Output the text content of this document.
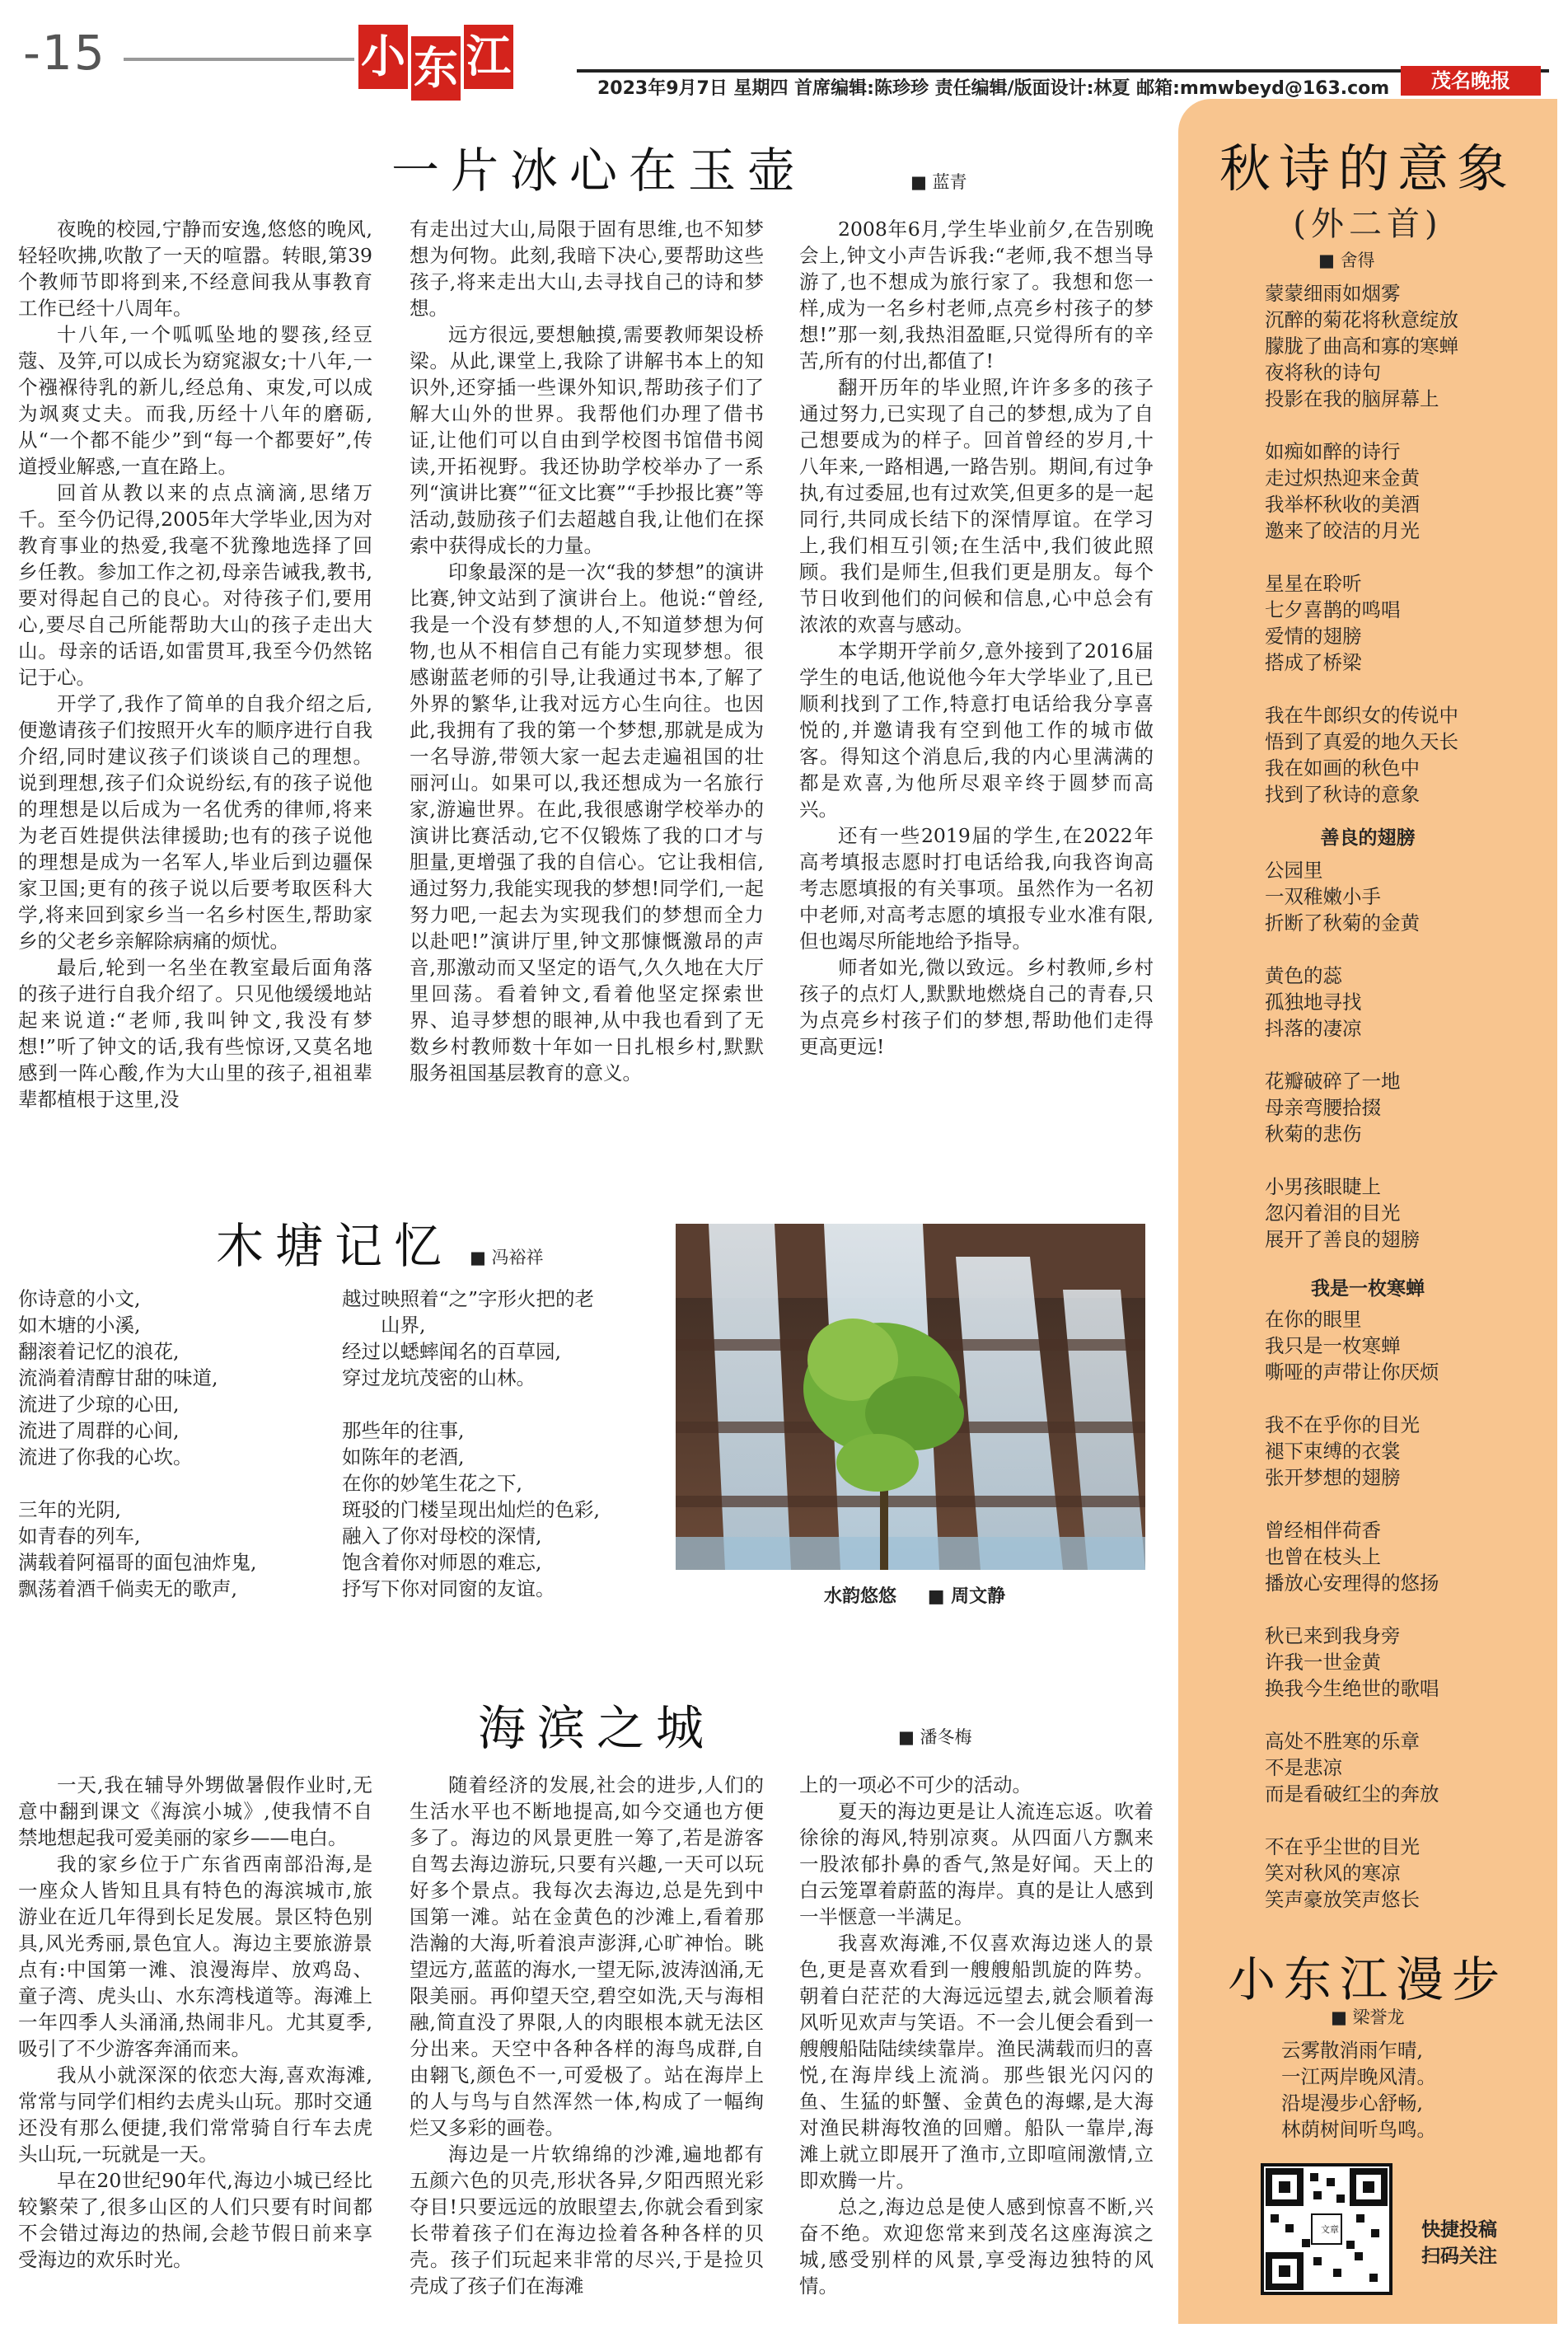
-15	小 东 江
2023年9月7日 星期四 首席编辑:陈珍珍 责任编辑/版面设计:林夏 邮箱:mmwbeyd@163.com	茂名晚报
一片冰心在玉壶	■ 蓝青

夜晚的校园,宁静而安逸,悠悠的晚风,轻轻吹拂,吹散了一天的喧嚣。转眼,第39个教师节即将到来,不经意间我从事教育工作已经十八周年。

十八年,一个呱呱坠地的婴孩,经豆蔻、及笄,可以成长为窈窕淑女;十八年,一个襁褓待乳的新儿,经总角、束发,可以成为飒爽丈夫。而我,历经十八年的磨砺,从“一个都不能少”到“每一个都要好”,传道授业解惑,一直在路上。

回首从教以来的点点滴滴,思绪万千。至今仍记得,2005年大学毕业,因为对教育事业的热爱,我毫不犹豫地选择了回乡任教。参加工作之初,母亲告诫我,教书,要对得起自己的良心。对待孩子们,要用心,要尽自己所能帮助大山的孩子走出大山。母亲的话语,如雷贯耳,我至今仍然铭记于心。

开学了,我作了简单的自我介绍之后,便邀请孩子们按照开火车的顺序进行自我介绍,同时建议孩子们谈谈自己的理想。说到理想,孩子们众说纷纭,有的孩子说他的理想是以后成为一名优秀的律师,将来为老百姓提供法律援助;也有的孩子说他的理想是成为一名军人,毕业后到边疆保家卫国;更有的孩子说以后要考取医科大学,将来回到家乡当一名乡村医生,帮助家乡的父老乡亲解除病痛的烦忧。

最后,轮到一名坐在教室最后面角落的孩子进行自我介绍了。只见他缓缓地站起来说道:“老师,我叫钟文,我没有梦想!”听了钟文的话,我有些惊讶,又莫名地感到一阵心酸,作为大山里的孩子,祖祖辈辈都植根于这里,没

有走出过大山,局限于固有思维,也不知梦想为何物。此刻,我暗下决心,要帮助这些孩子,将来走出大山,去寻找自己的诗和梦想。

远方很远,要想触摸,需要教师架设桥梁。从此,课堂上,我除了讲解书本上的知识外,还穿插一些课外知识,帮助孩子们了解大山外的世界。我帮他们办理了借书证,让他们可以自由到学校图书馆借书阅读,开拓视野。我还协助学校举办了一系列“演讲比赛”“征文比赛”“手抄报比赛”等活动,鼓励孩子们去超越自我,让他们在探索中获得成长的力量。

印象最深的是一次“我的梦想”的演讲比赛,钟文站到了演讲台上。他说:“曾经,我是一个没有梦想的人,不知道梦想为何物,也从不相信自己有能力实现梦想。很感谢蓝老师的引导,让我通过书本,了解了外界的繁华,让我对远方心生向往。也因此,我拥有了我的第一个梦想,那就是成为一名导游,带领大家一起去走遍祖国的壮丽河山。如果可以,我还想成为一名旅行家,游遍世界。在此,我很感谢学校举办的演讲比赛活动,它不仅锻炼了我的口才与胆量,更增强了我的自信心。它让我相信,通过努力,我能实现我的梦想!同学们,一起努力吧,一起去为实现我们的梦想而全力以赴吧!”演讲厅里,钟文那慷慨激昂的声音,那激动而又坚定的语气,久久地在大厅里回荡。看着钟文,看着他坚定探索世界、追寻梦想的眼神,从中我也看到了无数乡村教师数十年如一日扎根乡村,默默服务祖国基层教育的意义。

2008年6月,学生毕业前夕,在告别晚会上,钟文小声告诉我:“老师,我不想当导游了,也不想成为旅行家了。我想和您一样,成为一名乡村老师,点亮乡村孩子的梦想!”那一刻,我热泪盈眶,只觉得所有的辛苦,所有的付出,都值了!

翻开历年的毕业照,许许多多的孩子通过努力,已实现了自己的梦想,成为了自己想要成为的样子。回首曾经的岁月,十八年来,一路相遇,一路告别。期间,有过争执,有过委屈,也有过欢笑,但更多的是一起同行,共同成长结下的深情厚谊。在学习上,我们相互引领;在生活中,我们彼此照顾。我们是师生,但我们更是朋友。每个节日收到他们的问候和信息,心中总会有浓浓的欢喜与感动。

本学期开学前夕,意外接到了2016届学生的电话,他说他今年大学毕业了,且已顺利找到了工作,特意打电话给我分享喜悦的,并邀请我有空到他工作的城市做客。得知这个消息后,我的内心里满满的都是欢喜,为他所尽艰辛终于圆梦而高兴。

还有一些2019届的学生,在2022年高考填报志愿时打电话给我,向我咨询高考志愿填报的有关事项。虽然作为一名初中老师,对高考志愿的填报专业水准有限,但也竭尽所能地给予指导。

师者如光,微以致远。乡村教师,乡村孩子的点灯人,默默地燃烧自己的青春,只为点亮乡村孩子们的梦想,帮助他们走得更高更远!

木塘记忆	■ 冯裕祥
你诗意的小文,
如木塘的小溪,
翻滚着记忆的浪花,
流淌着清醇甘甜的味道,
流进了少琼的心田,
流进了周群的心间,
流进了你我的心坎。
三年的光阴,
如青春的列车,
满载着阿福哥的面包油炸鬼,
飘荡着酒千倘卖无的歌声,
越过映照着“之”字形火把的老
　　山界,
经过以蟋蟀闻名的百草园,
穿过龙坑茂密的山林。
那些年的往事,
如陈年的老酒,
在你的妙笔生花之下,
斑驳的门楼呈现出灿烂的色彩,
融入了你对母校的深情,
饱含着你对师恩的难忘,
抒写下你对同窗的友谊。	水韵悠悠 ■ 周文静
海滨之城	■ 潘冬梅

一天,我在辅导外甥做暑假作业时,无意中翻到课文《海滨小城》,使我情不自禁地想起我可爱美丽的家乡——电白。

我的家乡位于广东省西南部沿海,是一座众人皆知且具有特色的海滨城市,旅游业在近几年得到长足发展。景区特色别具,风光秀丽,景色宜人。海边主要旅游景点有:中国第一滩、浪漫海岸、放鸡岛、童子湾、虎头山、水东湾栈道等。海滩上一年四季人头涌涌,热闹非凡。尤其夏季,吸引了不少游客奔涌而来。

我从小就深深的依恋大海,喜欢海滩,常常与同学们相约去虎头山玩。那时交通还没有那么便捷,我们常常骑自行车去虎头山玩,一玩就是一天。

早在20世纪90年代,海边小城已经比较繁荣了,很多山区的人们只要有时间都不会错过海边的热闹,会趁节假日前来享受海边的欢乐时光。

随着经济的发展,社会的进步,人们的生活水平也不断地提高,如今交通也方便多了。海边的风景更胜一筹了,若是游客自驾去海边游玩,只要有兴趣,一天可以玩好多个景点。我每次去海边,总是先到中国第一滩。站在金黄色的沙滩上,看着那浩瀚的大海,听着浪声澎湃,心旷神怡。眺望远方,蓝蓝的海水,一望无际,波涛汹涌,无限美丽。再仰望天空,碧空如洗,天与海相融,简直没了界限,人的肉眼根本就无法区分出来。天空中各种各样的海鸟成群,自由翱飞,颜色不一,可爱极了。站在海岸上的人与鸟与自然浑然一体,构成了一幅绚烂又多彩的画卷。

海边是一片软绵绵的沙滩,遍地都有五颜六色的贝壳,形状各异,夕阳西照光彩夺目!只要远远的放眼望去,你就会看到家长带着孩子们在海边捡着各种各样的贝壳。孩子们玩起来非常的尽兴,于是捡贝壳成了孩子们在海滩

上的一项必不可少的活动。

夏天的海边更是让人流连忘返。吹着徐徐的海风,特别凉爽。从四面八方飘来一股浓郁扑鼻的香气,煞是好闻。天上的白云笼罩着蔚蓝的海岸。真的是让人感到一半惬意一半满足。

我喜欢海滩,不仅喜欢海边迷人的景色,更是喜欢看到一艘艘船凯旋的阵势。朝着白茫茫的大海远远望去,就会顺着海风听见欢声与笑语。不一会儿便会看到一艘艘船陆陆续续靠岸。渔民满载而归的喜悦,在海岸线上流淌。那些银光闪闪的鱼、生猛的虾蟹、金黄色的海螺,是大海对渔民耕海牧渔的回赠。船队一靠岸,海滩上就立即展开了渔市,立即喧闹激情,立即欢腾一片。

总之,海边总是使人感到惊喜不断,兴奋不绝。欢迎您常来到茂名这座海滨之城,感受别样的风景,享受海边独特的风情。

秋诗的意象
(外二首)
■ 舍得
蒙蒙细雨如烟雾
沉醉的菊花将秋意绽放
朦胧了曲高和寡的寒蝉
夜将秋的诗句
投影在我的脑屏幕上
如痴如醉的诗行
走过炽热迎来金黄
我举杯秋收的美酒
邀来了皎洁的月光
星星在聆听
七夕喜鹊的鸣唱
爱情的翅膀
搭成了桥梁
我在牛郎织女的传说中
悟到了真爱的地久天长
我在如画的秋色中
找到了秋诗的意象
善良的翅膀
公园里
一双稚嫩小手
折断了秋菊的金黄
黄色的蕊
孤独地寻找
抖落的凄凉
花瓣破碎了一地
母亲弯腰拾掇
秋菊的悲伤
小男孩眼睫上
忽闪着泪的目光
展开了善良的翅膀
我是一枚寒蝉
在你的眼里
我只是一枚寒蝉
嘶哑的声带让你厌烦
我不在乎你的目光
褪下束缚的衣裳
张开梦想的翅膀
曾经相伴荷香
也曾在枝头上
播放心安理得的悠扬
秋已来到我身旁
许我一世金黄
换我今生绝世的歌唱
高处不胜寒的乐章
不是悲凉
而是看破红尘的奔放
不在乎尘世的目光
笑对秋风的寒凉
笑声豪放笑声悠长
小东江漫步
■ 梁誉龙
云雾散消雨乍晴,
一江两岸晚风清。
沿堤漫步心舒畅,
林荫树间听鸟鸣。
文章	快捷投稿
扫码关注
